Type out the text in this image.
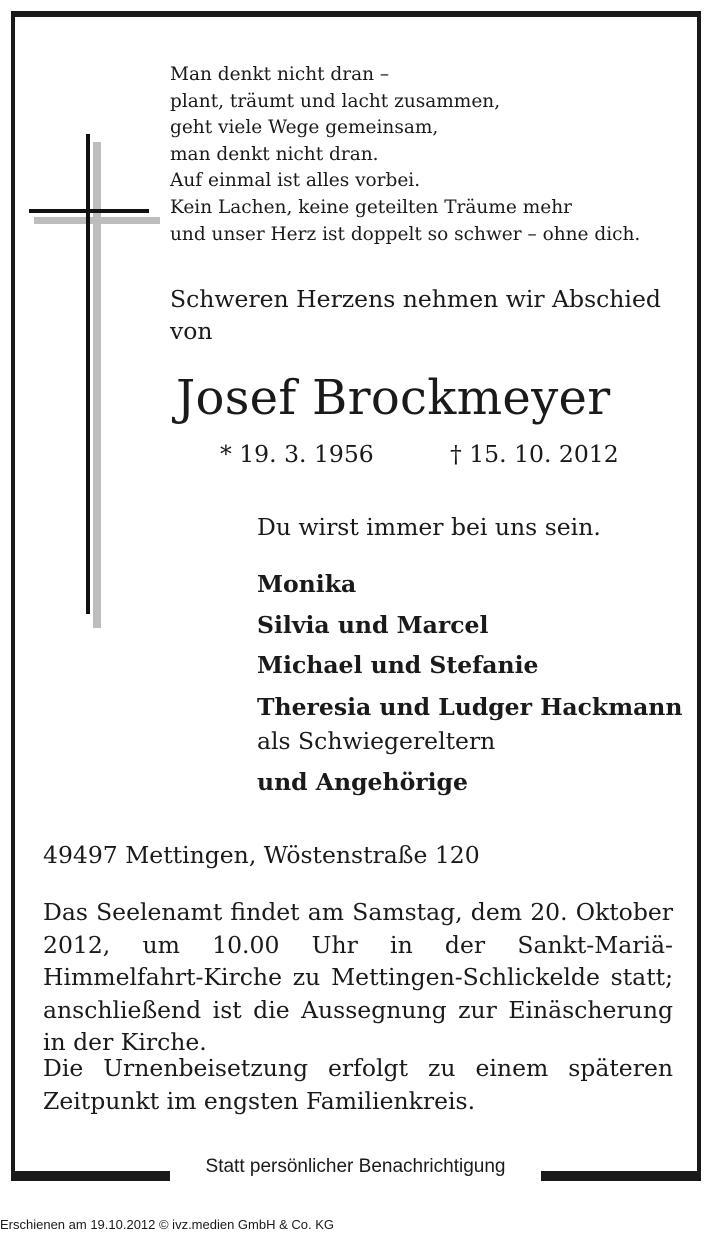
Man denkt nicht dran –
plant, träumt und lacht zusammen,
geht viele Wege gemeinsam,
man denkt nicht dran.
Auf einmal ist alles vorbei.
Kein Lachen, keine geteilten Träume mehr
und unser Herz ist doppelt so schwer – ohne dich.
Schweren Herzens nehmen wir Abschied von
Josef Brockmeyer
* 19. 3. 1956	† 15. 10. 2012
Du wirst immer bei uns sein.
Monika
Silvia und Marcel
Michael und Stefanie
Theresia und Ludger Hackmann
als Schwiegereltern
und Angehörige
49497 Mettingen, Wöstenstraße 120
Das Seelenamt findet am Samstag, dem 20. Oktober 2012, um 10.00 Uhr in der Sankt-Mariä-Himmelfahrt-Kirche zu Mettingen-Schlickelde statt; anschließend ist die Aussegnung zur Einäscherung in der Kirche.
Die Urnenbeisetzung erfolgt zu einem späteren Zeitpunkt im engsten Familienkreis.
Statt persönlicher Benachrichtigung
Erschienen am 19.10.2012 © ivz.medien GmbH & Co. KG
